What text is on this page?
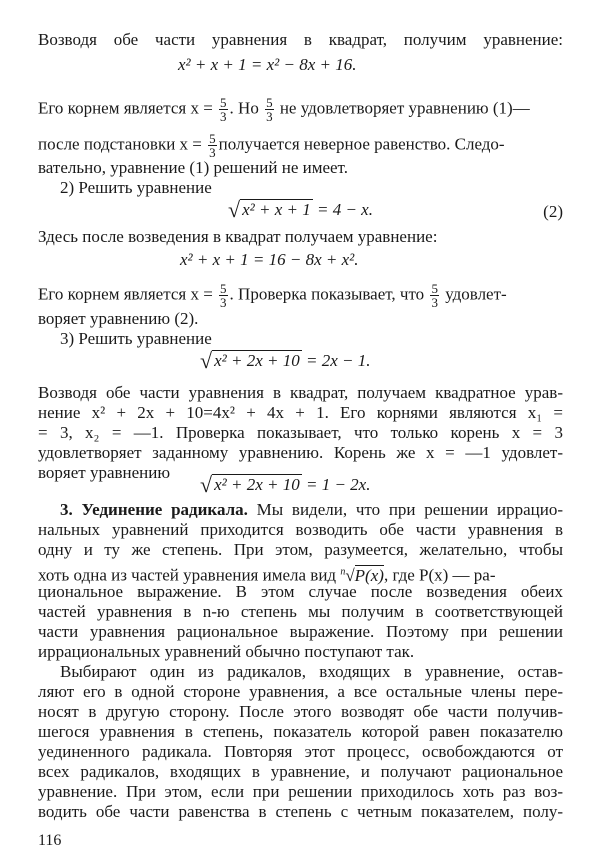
Возводя обе части уравнения в квадрат, получим уравнение:

x² + x + 1 = x² − 8x + 16.

Его корнем является $x = \frac{5}{3}$ . Но $\frac{5}{3}$ не удовлетворяет уравнению (1)—

после подстановки $x = \frac{5}{3}$ получается неверное равенство. Следо-

вательно, уравнение (1) решений не имеет.

2) Решить уравнение

√ x² + x + 1 = 4 − x.	(2)

Здесь после возведения в квадрат получаем уравнение:

x² + x + 1 = 16 − 8x + x².

Его корнем является $x = \frac{5}{3}$ . Проверка показывает, что $\frac{5}{3}$ удовлет-

воряет уравнению (2).

3) Решить уравнение

√ x² + 2x + 10 = 2x − 1.

Возводя обе части уравнения в квадрат, получаем квадратное урав-

нение x² + 2x + 10=4x² + 4x + 1. Его корнями являются x₁ =

= 3, x₂ = —1. Проверка показывает, что только корень x = 3

удовлетворяет заданному уравнению. Корень же x = —1 удовлет-

воряет уравнению	√ x² + 2x + 10 = 1 − 2x.

3. Уединение радикала. Мы видели, что при решении иррацио-

нальных уравнений приходится возводить обе части уравнения в

одну и ту же степень. При этом, разумеется, желательно, чтобы

хоть одна из частей уравнения имела вид $^n$√P(x), где P(x) — ра-

циональное выражение. В этом случае после возведения обеих

частей уравнения в n-ю степень мы получим в соответствующей

части уравнения рациональное выражение. Поэтому при решении

иррациональных уравнений обычно поступают так.

Выбирают один из радикалов, входящих в уравнение, остав-

ляют его в одной стороне уравнения, а все остальные члены пере-

носят в другую сторону. После этого возводят обе части получив-

шегося уравнения в степень, показатель которой равен показателю

уединенного радикала. Повторяя этот процесс, освобождаются от

всех радикалов, входящих в уравнение, и получают рациональное

уравнение. При этом, если при решении приходилось хоть раз воз-

водить обе части равенства в степень с четным показателем, полу-

116
